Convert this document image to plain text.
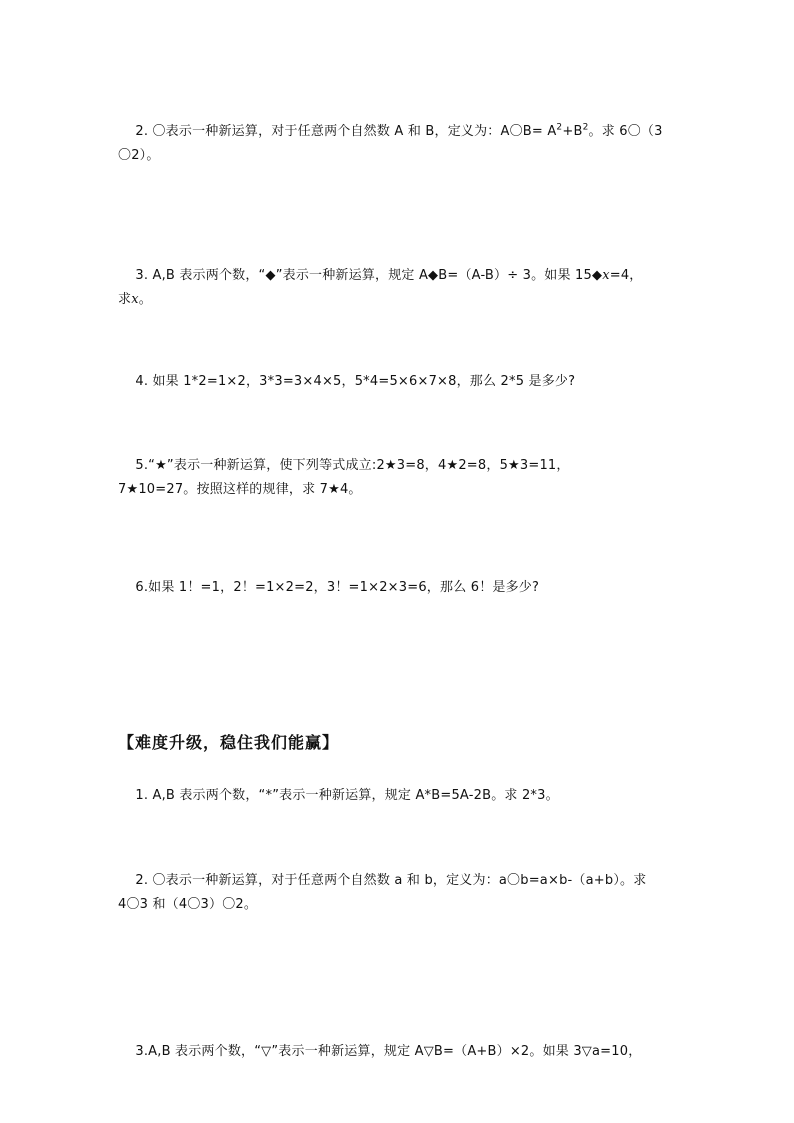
2. 〇表示一种新运算，对于任意两个自然数 A 和 B，定义为：A〇$B= A^2+B^2$。求 6〇（3
〇2）。

3. A,B 表示两个数，“◆”表示一种新运算，规定 A◆B=（A-B）÷ 3。如果 15◆x=4，
求x。

4. 如果 1*2=1×2，3*3=3×4×5，5*4=5×6×7×8，那么 2*5 是多少?

5.“★”表示一种新运算，使下列等式成立:2★3=8，4★2=8，5★3=11，
7★10=27。按照这样的规律，求 7★4。

6.如果 1！=1，2！=1×2=2，3！=1×2×3=6，那么 6！是多少?

【难度升级，稳住我们能赢】

1. A,B 表示两个数，“*”表示一种新运算，规定 A*B=5A-2B。求 2*3。

2. 〇表示一种新运算，对于任意两个自然数 a 和 b，定义为：a〇b=a×b-（a+b）。求
4〇3 和（4〇3）〇2。

3.A,B 表示两个数，“▽”表示一种新运算，规定 A▽B=（A+B）×2。如果 3▽a=10，
